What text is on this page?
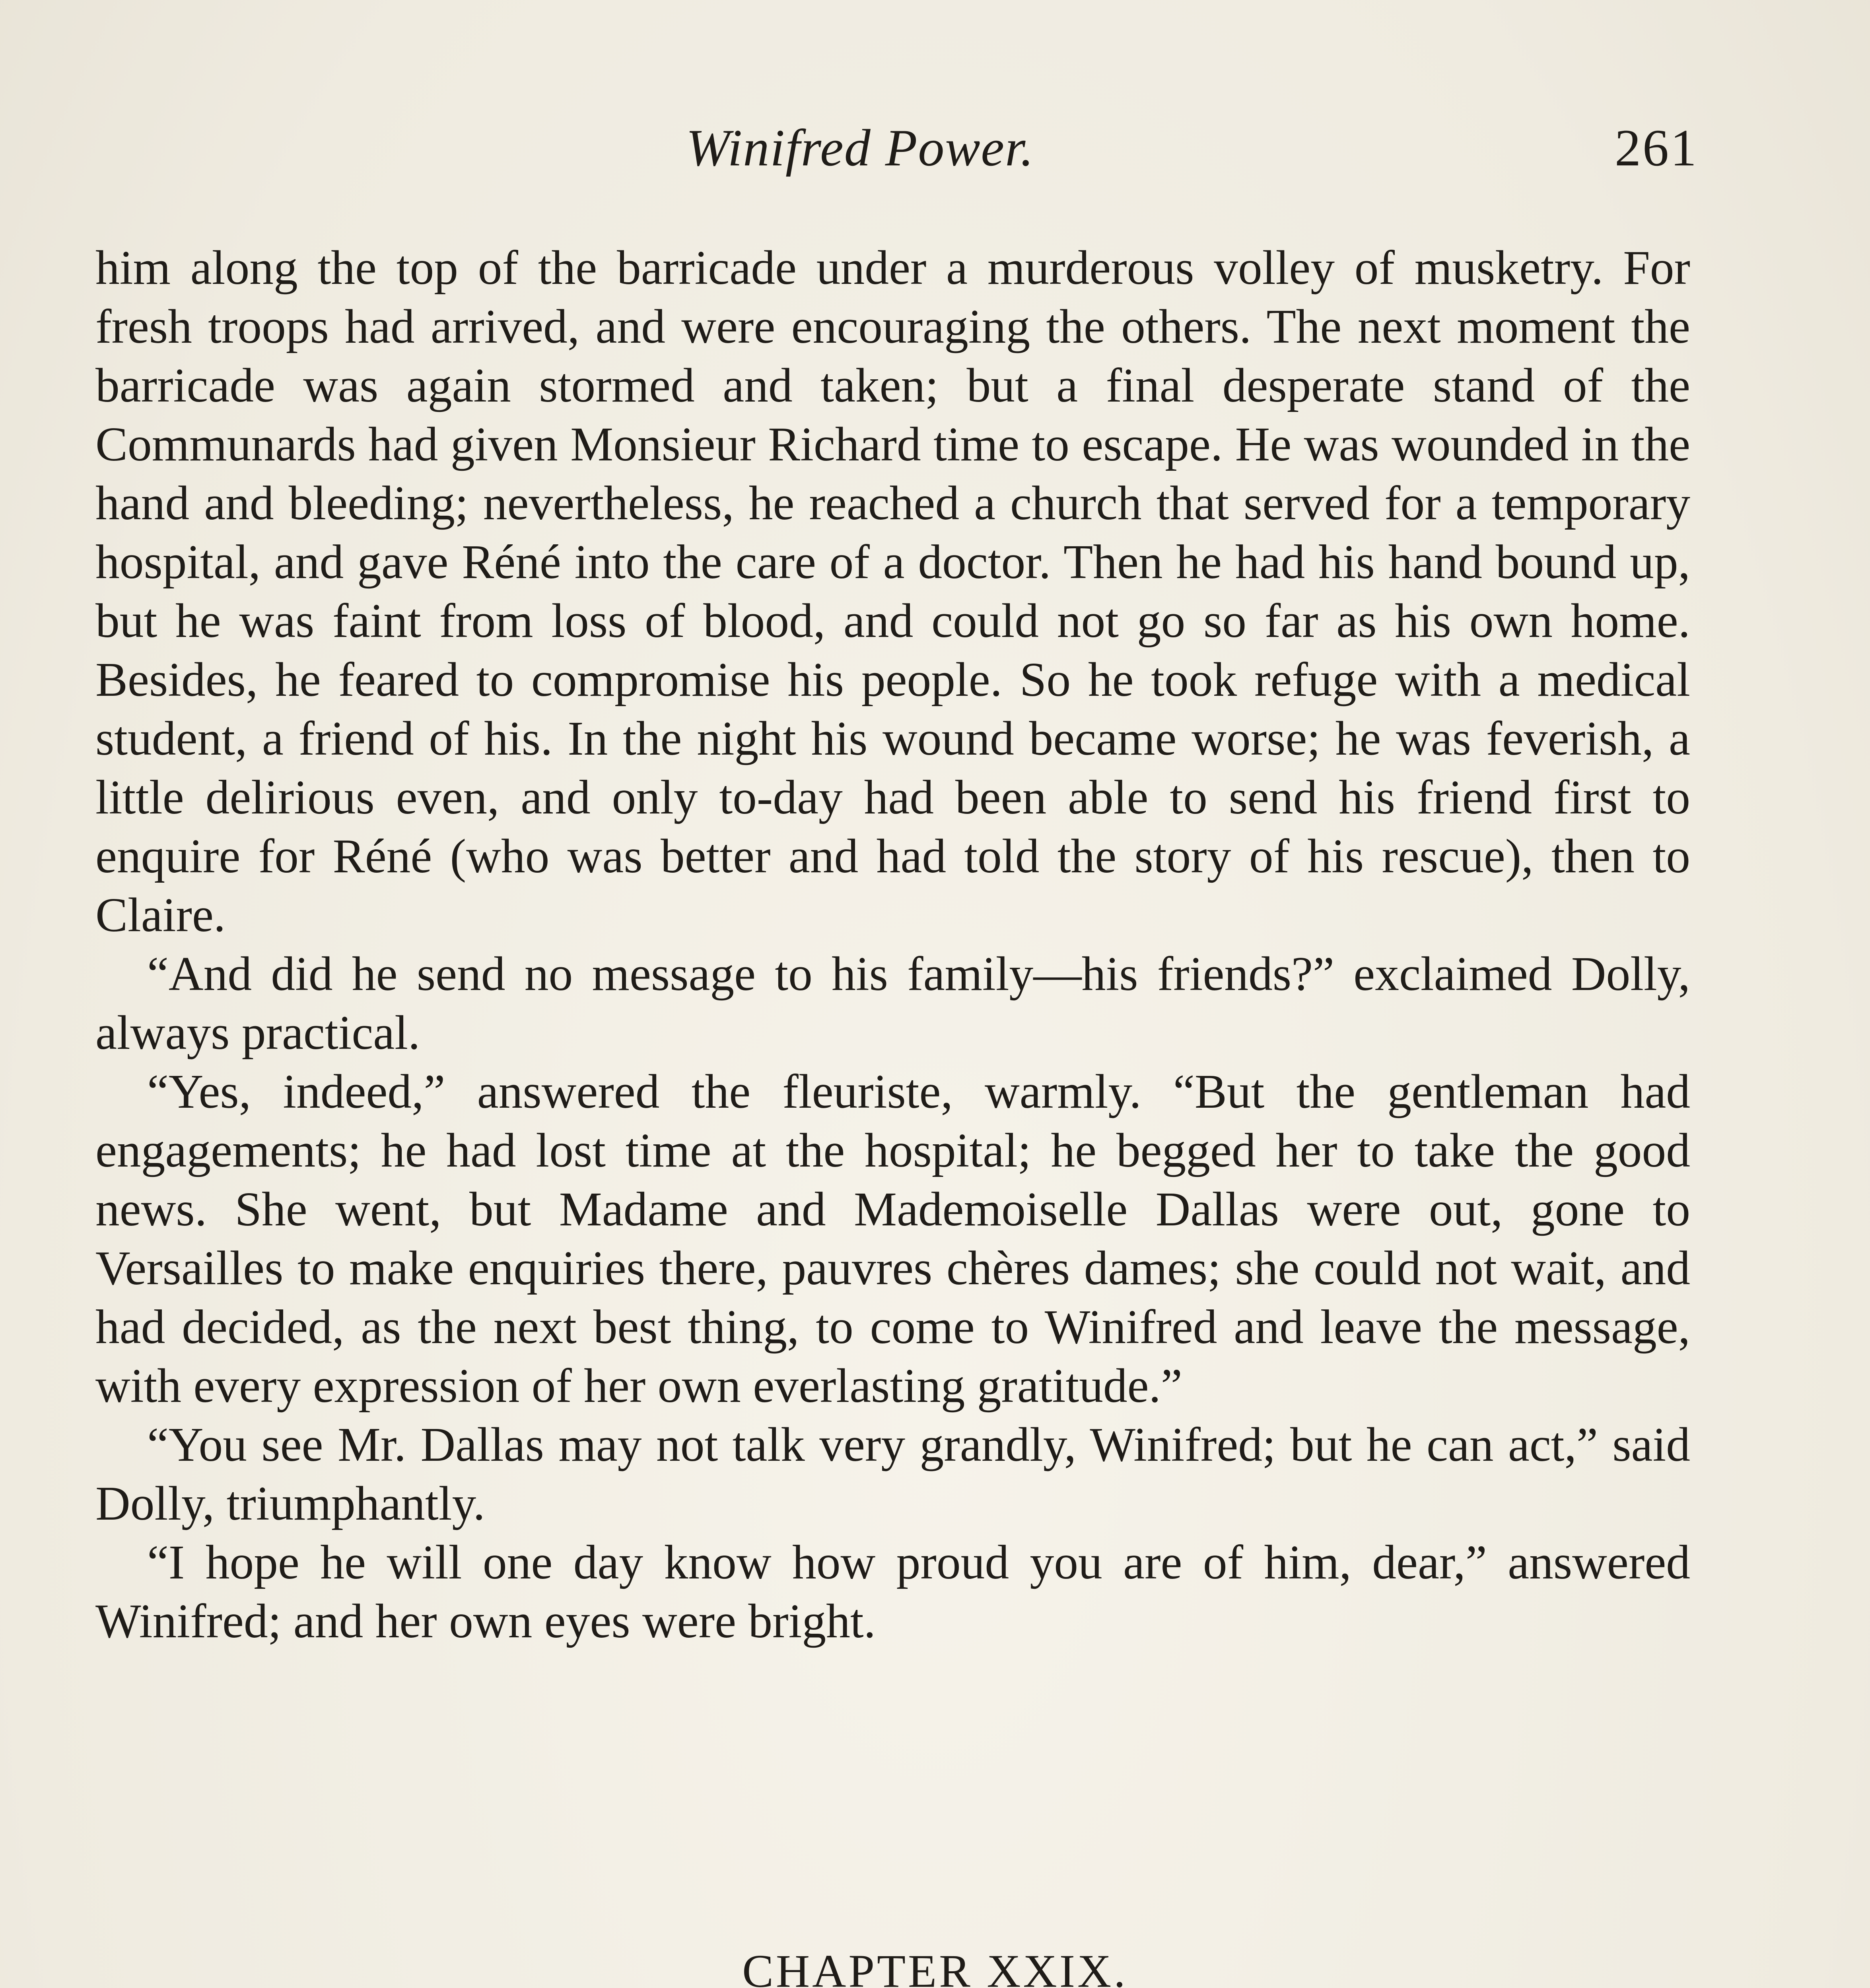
Winifred Power.	261

him along the top of the barricade under a murderous volley of musketry. For fresh troops had arrived, and were encouraging the others. The next moment the barricade was again stormed and taken; but a final desperate stand of the Communards had given Monsieur Richard time to escape. He was wounded in the hand and bleeding; nevertheless, he reached a church that served for a temporary hospital, and gave Réné into the care of a doctor. Then he had his hand bound up, but he was faint from loss of blood, and could not go so far as his own home. Besides, he feared to compromise his people. So he took refuge with a medical student, a friend of his. In the night his wound became worse; he was feverish, a little delirious even, and only to-day had been able to send his friend first to enquire for Réné (who was better and had told the story of his rescue), then to Claire.

“And did he send no message to his family—his friends?” exclaimed Dolly, always practical.

“Yes, indeed,” answered the fleuriste, warmly. “But the gentleman had engagements; he had lost time at the hospital; he begged her to take the good news. She went, but Madame and Mademoiselle Dallas were out, gone to Versailles to make enquiries there, pauvres chères dames; she could not wait, and had decided, as the next best thing, to come to Winifred and leave the message, with every expression of her own everlasting gratitude.”

“You see Mr. Dallas may not talk very grandly, Winifred; but he can act,” said Dolly, triumphantly.

“I hope he will one day know how proud you are of him, dear,” answered Winifred; and her own eyes were bright.

CHAPTER XXIX.
